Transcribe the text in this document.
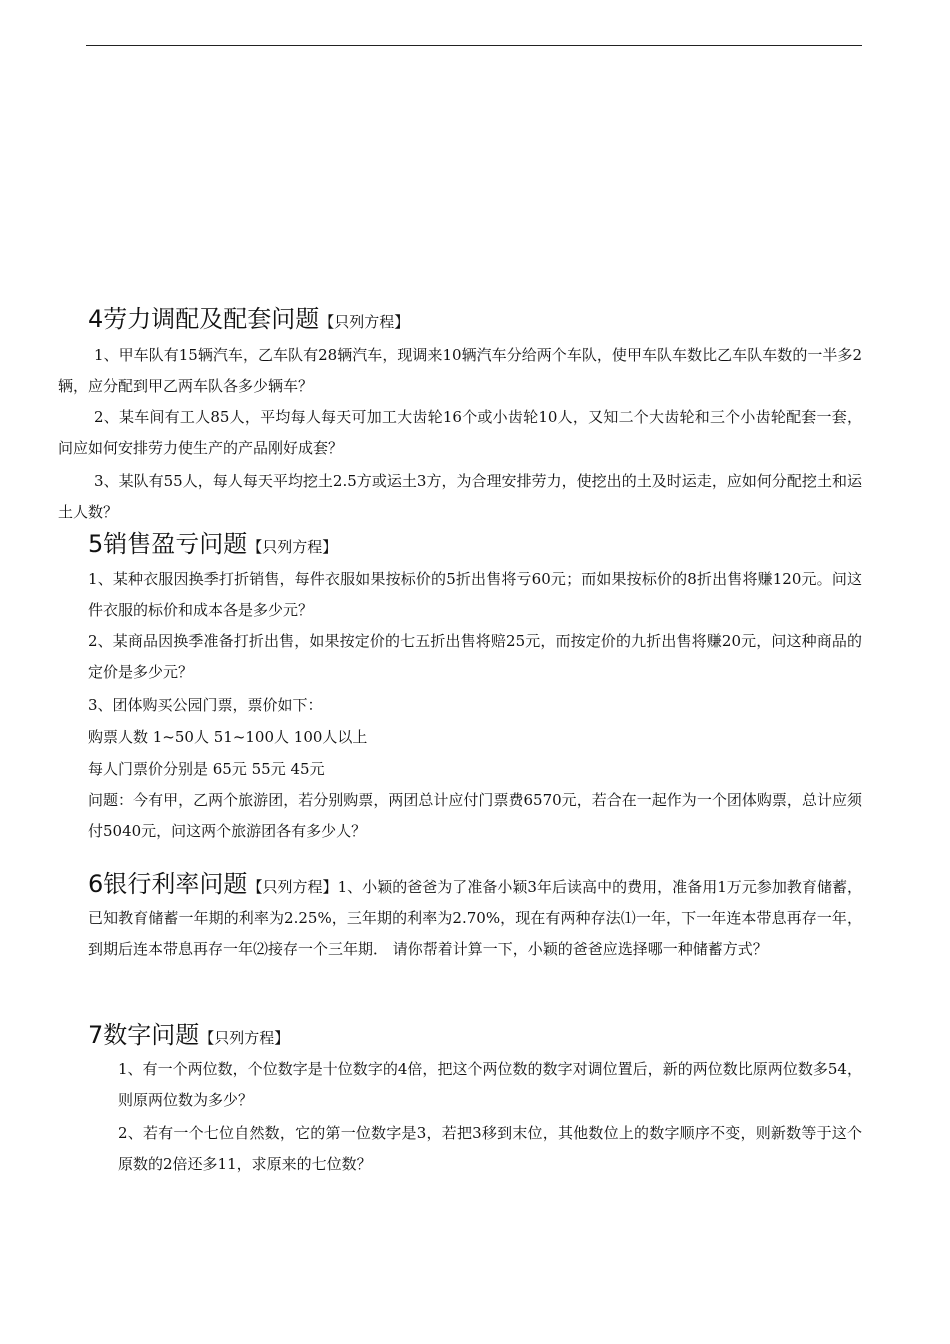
4劳力调配及配套问题【只列方程】
1、甲车队有15辆汽车，乙车队有28辆汽车，现调来10辆汽车分给两个车队，使甲车队车数比乙车队车数的一半多2辆，应分配到甲乙两车队各多少辆车？
2、某车间有工人85人，平均每人每天可加工大齿轮16个或小齿轮10人，又知二个大齿轮和三个小齿轮配套一套，问应如何安排劳力使生产的产品刚好成套？
3、某队有55人，每人每天平均挖土2.5方或运土3方，为合理安排劳力，使挖出的土及时运走，应如何分配挖土和运土人数？
5销售盈亏问题【只列方程】
1、某种衣服因换季打折销售，每件衣服如果按标价的5折出售将亏60元；而如果按标价的8折出售将赚120元。问这件衣服的标价和成本各是多少元？
2、某商品因换季准备打折出售，如果按定价的七五折出售将赔25元，而按定价的九折出售将赚20元，问这种商品的定价是多少元？
3、团体购买公园门票，票价如下：
购票人数 1~50人 51~100人 100人以上
每人门票价分别是 65元 55元 45元
问题：今有甲，乙两个旅游团，若分别购票，两团总计应付门票费6570元，若合在一起作为一个团体购票，总计应须付5040元，问这两个旅游团各有多少人？
6银行利率问题【只列方程】1、小颖的爸爸为了准备小颖3年后读高中的费用，准备用1万元参加教育储蓄， 已知教育储蓄一年期的利率为2.25%，三年期的利率为2.70%，现在有两种存法⑴一年，下一年连本带息再存一年，到期后连本带息再存一年⑵接存一个三年期． 请你帮着计算一下，小颖的爸爸应选择哪一种储蓄方式？
7数字问题【只列方程】
1、有一个两位数，个位数字是十位数字的4倍，把这个两位数的数字对调位置后，新的两位数比原两位数多54，则原两位数为多少？
2、若有一个七位自然数，它的第一位数字是3，若把3移到末位，其他数位上的数字顺序不变，则新数等于这个原数的2倍还多11，求原来的七位数？
